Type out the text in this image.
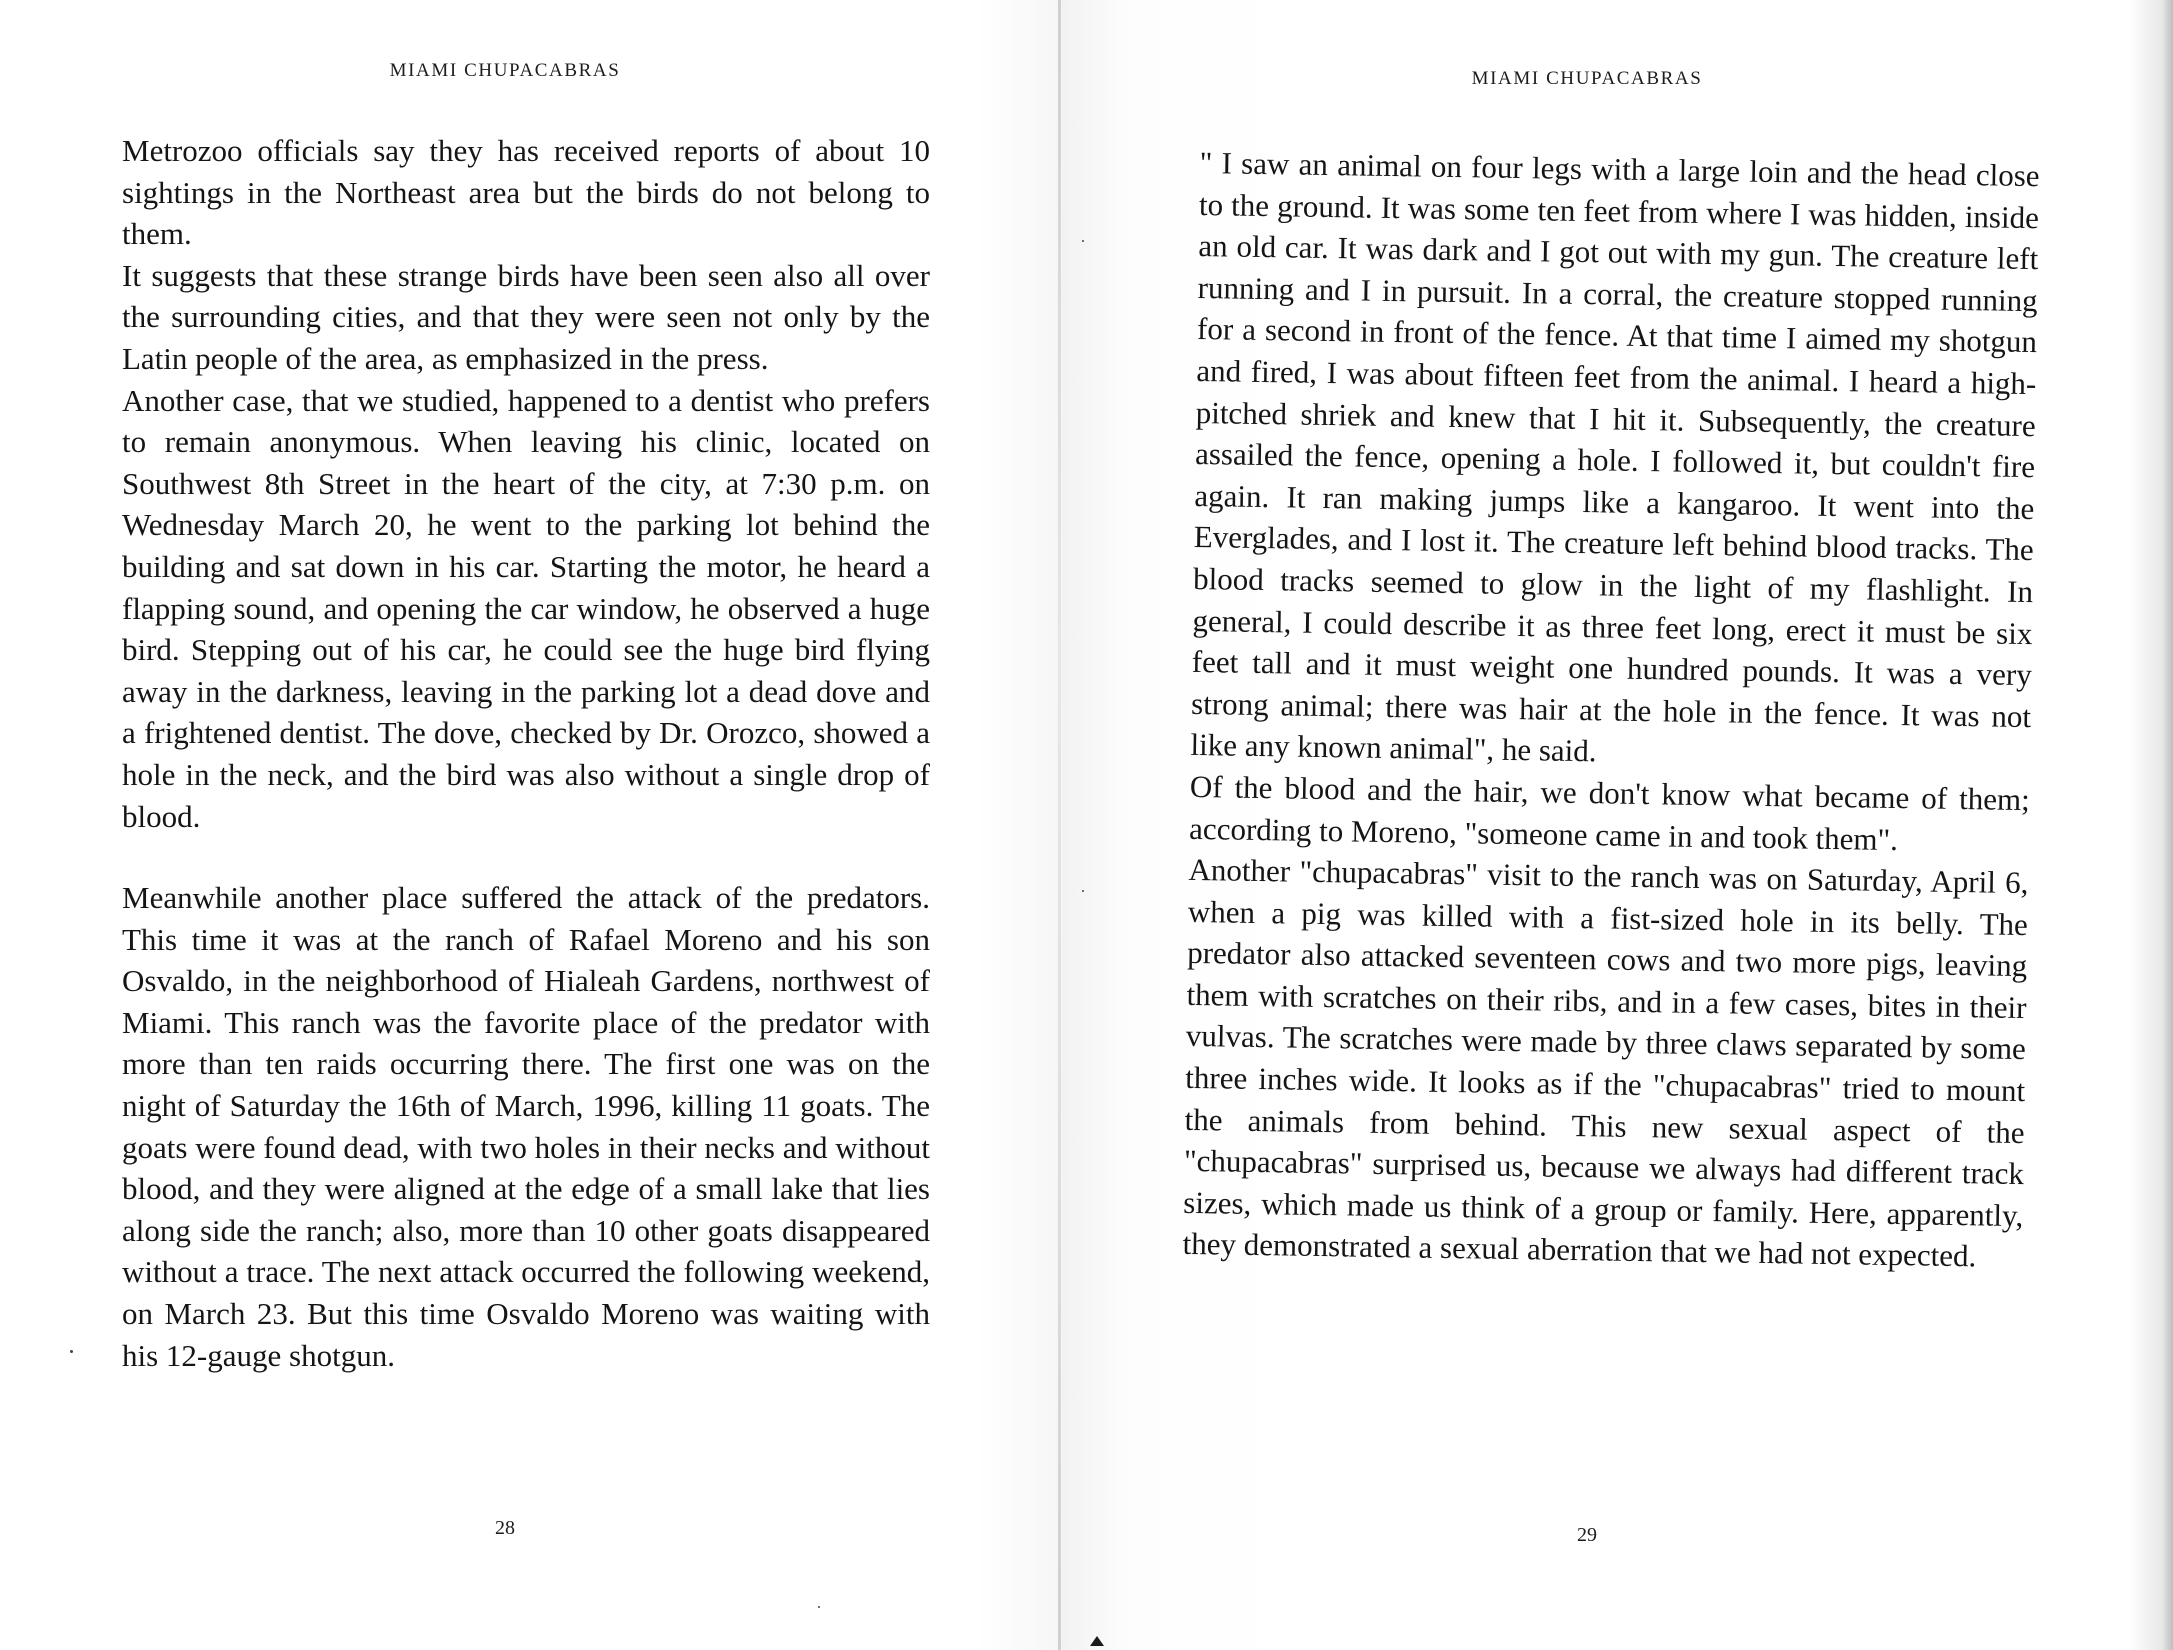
MIAMI CHUPACABRAS

Metrozoo officials say they has received reports of about 10 sightings in the Northeast area but the birds do not belong to them.

It suggests that these strange birds have been seen also all over the surrounding cities, and that they were seen not only by the Latin people of the area, as emphasized in the press.

Another case, that we studied, happened to a dentist who prefers to remain anonymous. When leaving his clinic, located on Southwest 8th Street in the heart of the city, at 7:30 p.m. on Wednesday March 20, he went to the parking lot behind the building and sat down in his car. Starting the motor, he heard a flapping sound, and opening the car window, he observed a huge bird. Stepping out of his car, he could see the huge bird flying away in the darkness, leaving in the parking lot a dead dove and a frightened dentist. The dove, checked by Dr. Orozco, showed a hole in the neck, and the bird was also without a single drop of blood.

Meanwhile another place suffered the attack of the predators. This time it was at the ranch of Rafael Moreno and his son Osvaldo, in the neighborhood of Hialeah Gardens, northwest of Miami. This ranch was the favorite place of the predator with more than ten raids occurring there. The first one was on the night of Saturday the 16th of March, 1996, killing 11 goats. The goats were found dead, with two holes in their necks and without blood, and they were aligned at the edge of a small lake that lies along side the ranch; also, more than 10 other goats disappeared without a trace. The next attack occurred the following weekend, on March 23. But this time Osvaldo Moreno was waiting with his 12-gauge shotgun.

28
MIAMI CHUPACABRAS

" I saw an animal on four legs with a large loin and the head close to the ground. It was some ten feet from where I was hidden, inside an old car. It was dark and I got out with my gun. The creature left running and I in pursuit. In a corral, the creature stopped running for a second in front of the fence. At that time I aimed my shotgun and fired, I was about fifteen feet from the animal. I heard a high-pitched shriek and knew that I hit it. Subsequently, the creature assailed the fence, opening a hole. I followed it, but couldn't fire again. It ran making jumps like a kangaroo. It went into the Everglades, and I lost it. The creature left behind blood tracks. The blood tracks seemed to glow in the light of my flashlight. In general, I could describe it as three feet long, erect it must be six feet tall and it must weight one hundred pounds. It was a very strong animal; there was hair at the hole in the fence. It was not like any known animal", he said.

Of the blood and the hair, we don't know what became of them; according to Moreno, "someone came in and took them".

Another "chupacabras" visit to the ranch was on Saturday, April 6, when a pig was killed with a fist-sized hole in its belly. The predator also attacked seventeen cows and two more pigs, leaving them with scratches on their ribs, and in a few cases, bites in their vulvas. The scratches were made by three claws separated by some three inches wide. It looks as if the "chupacabras" tried to mount the animals from behind. This new sexual aspect of the "chupacabras" surprised us, because we always had different track sizes, which made us think of a group or family. Here, apparently, they demonstrated a sexual aberration that we had not expected.

29
